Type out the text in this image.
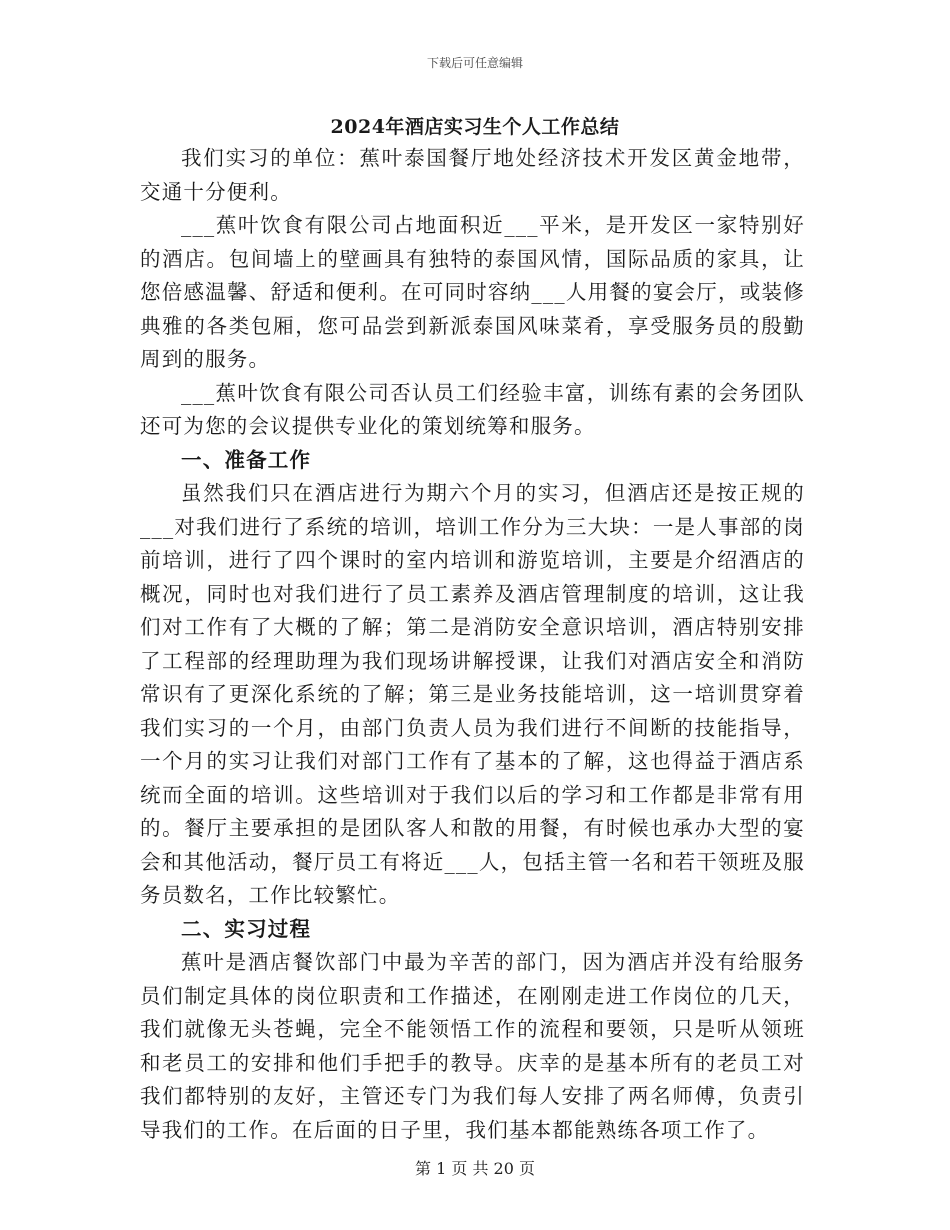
下载后可任意编辑
2024年酒店实习生个人工作总结

我们实习的单位：蕉叶泰国餐厅地处经济技术开发区黄金地带，交通十分便利。

___蕉叶饮食有限公司占地面积近___平米，是开发区一家特别好的酒店。包间墙上的壁画具有独特的泰国风情，国际品质的家具，让您倍感温馨、舒适和便利。在可同时容纳___人用餐的宴会厅，或装修典雅的各类包厢，您可品尝到新派泰国风味菜肴，享受服务员的殷勤周到的服务。

___蕉叶饮食有限公司否认员工们经验丰富，训练有素的会务团队还可为您的会议提供专业化的策划统筹和服务。

一、准备工作

虽然我们只在酒店进行为期六个月的实习，但酒店还是按正规的___对我们进行了系统的培训，培训工作分为三大块：一是人事部的岗前培训，进行了四个课时的室内培训和游览培训，主要是介绍酒店的概况，同时也对我们进行了员工素养及酒店管理制度的培训，这让我们对工作有了大概的了解；第二是消防安全意识培训，酒店特别安排了工程部的经理助理为我们现场讲解授课，让我们对酒店安全和消防常识有了更深化系统的了解；第三是业务技能培训，这一培训贯穿着我们实习的一个月，由部门负责人员为我们进行不间断的技能指导，一个月的实习让我们对部门工作有了基本的了解，这也得益于酒店系统而全面的培训。这些培训对于我们以后的学习和工作都是非常有用的。餐厅主要承担的是团队客人和散的用餐，有时候也承办大型的宴会和其他活动，餐厅员工有将近___人，包括主管一名和若干领班及服务员数名，工作比较繁忙。

二、实习过程

蕉叶是酒店餐饮部门中最为辛苦的部门，因为酒店并没有给服务员们制定具体的岗位职责和工作描述，在刚刚走进工作岗位的几天，我们就像无头苍蝇，完全不能领悟工作的流程和要领，只是听从领班和老员工的安排和他们手把手的教导。庆幸的是基本所有的老员工对我们都特别的友好，主管还专门为我们每人安排了两名师傅，负责引导我们的工作。在后面的日子里，我们基本都能熟练各项工作了。

第 1 页 共 20 页
